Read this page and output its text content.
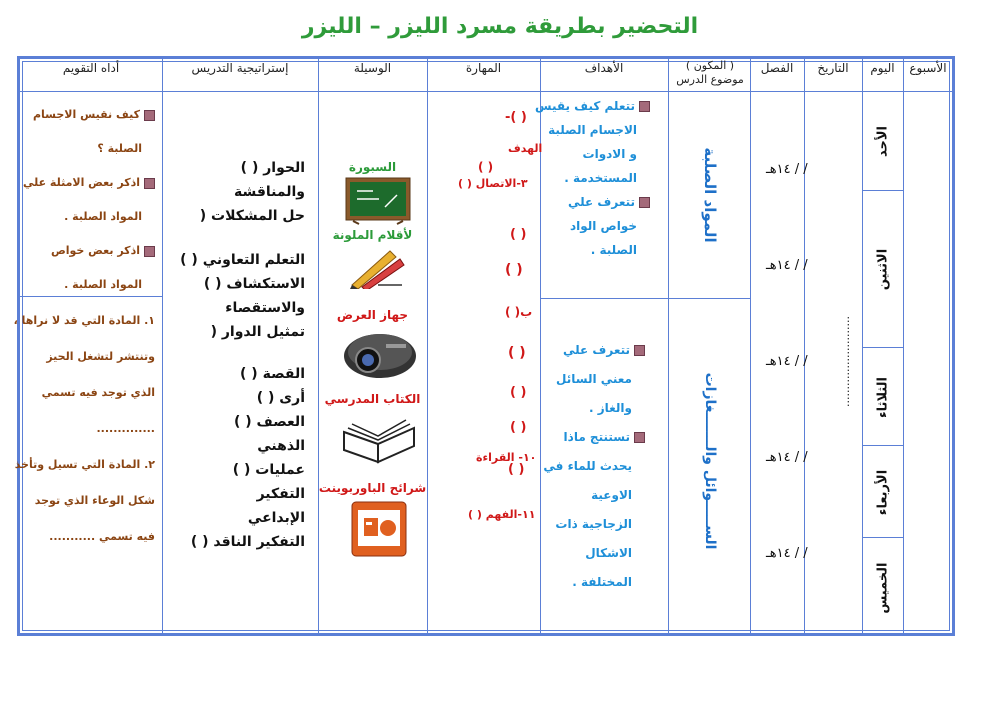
التحضير بطريقة مسرد الليزر – الليزر
الأسبوع
اليوم
التاريخ
الفصل
( المكون ) موضوع الدرس
الأهداف
المهارة
الوسيلة
إستراتيجية التدريس
أداه التقويم
..........................
الأحد
الاثنين
الثلاثاء
الأربعاء
الخميس
/ / ١٤هـ
/ / ١٤هـ
/ / ١٤هـ
/ / ١٤هـ
/ / ١٤هـ
المواد الصلبة
الســـــوائل والـــــــغازات
تتعلم كيف يقيس
الاجسام الصلبة
و الادوات
المستخدمة .
تتعرف علي
خواص الواد
الصلبة .
تتعرف علي
معني السائل
والغاز .
تستنتج ماذا
يحدث للماء في
الاوعية
الزجاجية ذات
الاشكال
المختلفة .
( )-
الهدف
( )
٣-الاتصال ( )
( )
( )
ب( )
( )
( )
( )
١٠- القراءة
( )
١١-الفهم ( )
السبورة
لأقلام الملونة
جهاز العرض
الكتاب المدرسي
شرائح الباوربوينت
الحوار ( )
والمناقشة
حل المشكلات (
التعلم التعاوني ( )
الاستكشاف ( )
والاستقصاء
تمثيل الدوار (
القصة ( )
أرى ( )
العصف ( )
الذهني
عمليات ( )
التفكير
الإبداعي
التفكير الناقد ( )
كيف نقيس الاجسام
الصلبة ؟
اذكر بعض الامثلة علي
المواد الصلبة .
اذكر بعض خواص
المواد الصلبة .
١. المادة التي قد لا نراها ،
وتنتشر لتشغل الحيز
الذي توجد فيه تسمي
..............
٢. المادة التي تسيل وتأخذ
شكل الوعاء الذي توجد
فيه تسمي ...........
